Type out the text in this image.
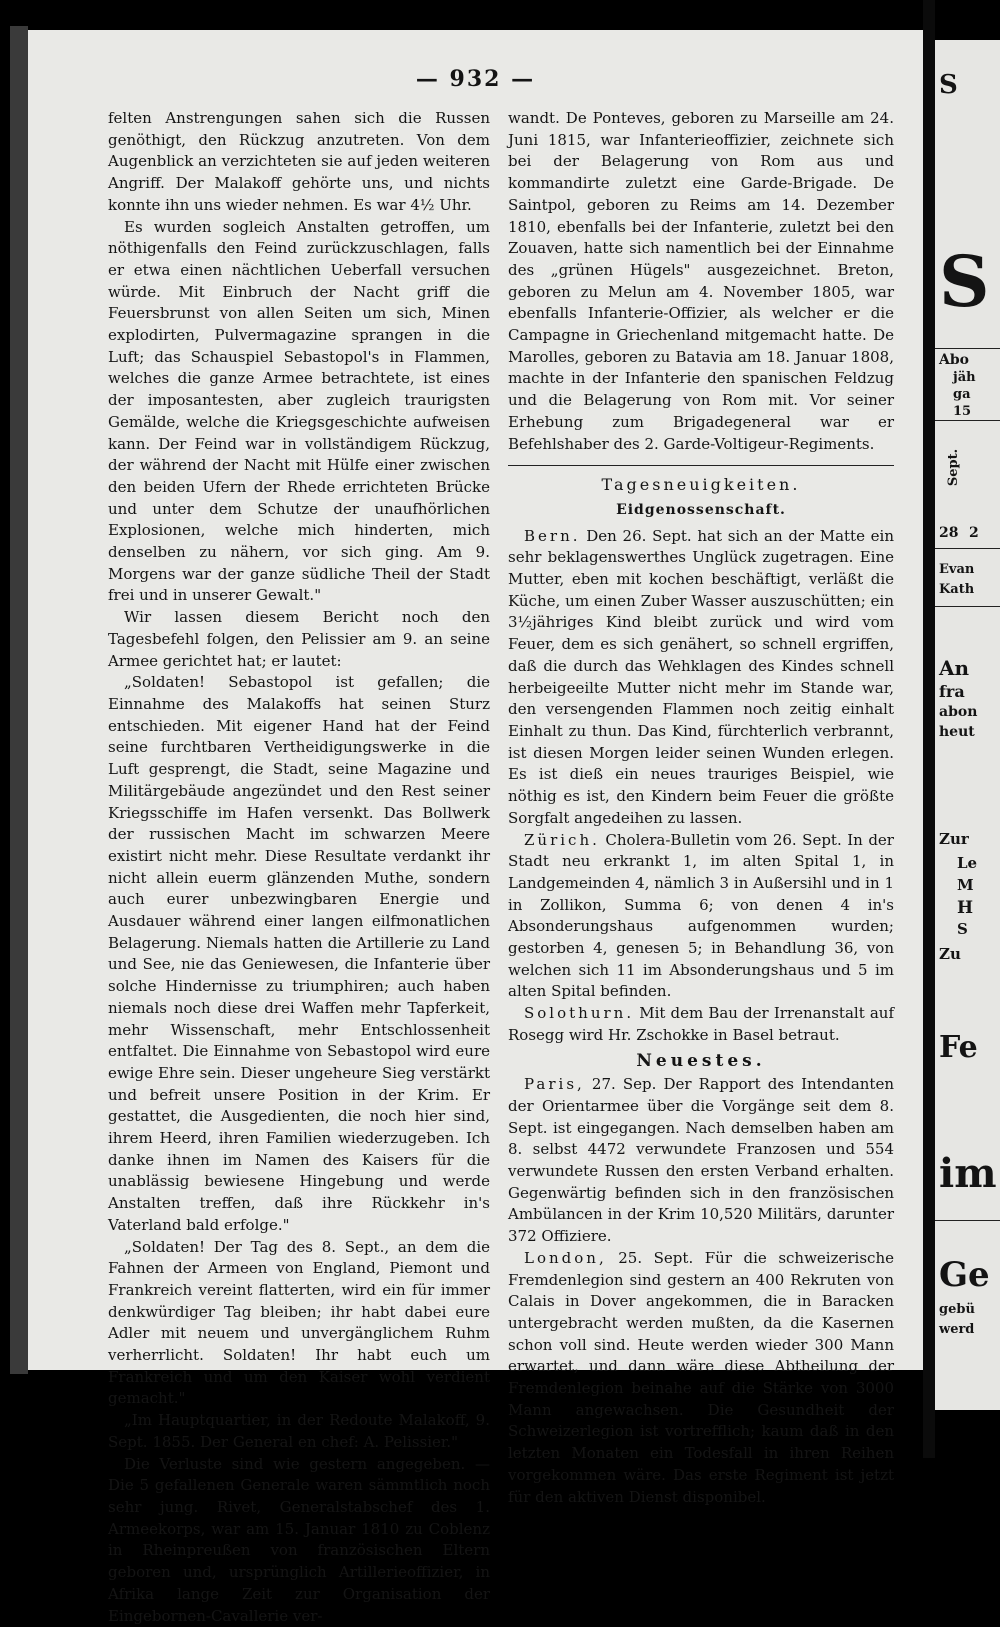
— 932 —

felten Anstrengungen sahen sich die Russen genöthigt, den Rückzug anzutreten. Von dem Augenblick an verzichteten sie auf jeden weiteren Angriff. Der Malakoff gehörte uns, und nichts konnte ihn uns wieder nehmen. Es war 4½ Uhr.

Es wurden sogleich Anstalten getroffen, um nöthigenfalls den Feind zurückzuschlagen, falls er etwa einen nächtlichen Ueberfall versuchen würde. Mit Einbruch der Nacht griff die Feuersbrunst von allen Seiten um sich, Minen explodirten, Pulvermagazine sprangen in die Luft; das Schauspiel Sebastopol's in Flammen, welches die ganze Armee betrachtete, ist eines der imposantesten, aber zugleich traurigsten Gemälde, welche die Kriegsgeschichte aufweisen kann. Der Feind war in vollständigem Rückzug, der während der Nacht mit Hülfe einer zwischen den beiden Ufern der Rhede errichteten Brücke und unter dem Schutze der unaufhörlichen Explosionen, welche mich hinderten, mich denselben zu nähern, vor sich ging. Am 9. Morgens war der ganze südliche Theil der Stadt frei und in unserer Gewalt."

Wir lassen diesem Bericht noch den Tagesbefehl folgen, den Pelissier am 9. an seine Armee gerichtet hat; er lautet:

„Soldaten! Sebastopol ist gefallen; die Einnahme des Malakoffs hat seinen Sturz entschieden. Mit eigener Hand hat der Feind seine furchtbaren Vertheidigungswerke in die Luft gesprengt, die Stadt, seine Magazine und Militärgebäude angezündet und den Rest seiner Kriegsschiffe im Hafen versenkt. Das Bollwerk der russischen Macht im schwarzen Meere existirt nicht mehr. Diese Resultate verdankt ihr nicht allein euerm glänzenden Muthe, sondern auch eurer unbezwingbaren Energie und Ausdauer während einer langen eilfmonatlichen Belagerung. Niemals hatten die Artillerie zu Land und See, nie das Geniewesen, die Infanterie über solche Hindernisse zu triumphiren; auch haben niemals noch diese drei Waffen mehr Tapferkeit, mehr Wissenschaft, mehr Entschlossenheit entfaltet. Die Einnahme von Sebastopol wird eure ewige Ehre sein. Dieser ungeheure Sieg verstärkt und befreit unsere Position in der Krim. Er gestattet, die Ausgedienten, die noch hier sind, ihrem Heerd, ihren Familien wiederzugeben. Ich danke ihnen im Namen des Kaisers für die unablässig bewiesene Hingebung und werde Anstalten treffen, daß ihre Rückkehr in's Vaterland bald erfolge."

„Soldaten! Der Tag des 8. Sept., an dem die Fahnen der Armeen von England, Piemont und Frankreich vereint flatterten, wird ein für immer denkwürdiger Tag bleiben; ihr habt dabei eure Adler mit neuem und unvergänglichem Ruhm verherrlicht. Soldaten! Ihr habt euch um Frankreich und um den Kaiser wohl verdient gemacht."

„Im Hauptquartier, in der Redoute Malakoff, 9. Sept. 1855. Der General en chef: A. Pelissier."

Die Verluste sind wie gestern angegeben. — Die 5 gefallenen Generale waren sämmtlich noch sehr jung. Rivet, Generalstabschef des 1. Armeekorps, war am 15. Januar 1810 zu Coblenz in Rheinpreußen von französischen Eltern geboren und, ursprünglich Artillerieoffizier, in Afrika lange Zeit zur Organisation der Eingebornen-Cavallerie ver-

wandt. De Ponteves, geboren zu Marseille am 24. Juni 1815, war Infanterieoffizier, zeichnete sich bei der Belagerung von Rom aus und kommandirte zuletzt eine Garde-Brigade. De Saintpol, geboren zu Reims am 14. Dezember 1810, ebenfalls bei der Infanterie, zuletzt bei den Zouaven, hatte sich namentlich bei der Einnahme des „grünen Hügels" ausgezeichnet. Breton, geboren zu Melun am 4. November 1805, war ebenfalls Infanterie-Offizier, als welcher er die Campagne in Griechenland mitgemacht hatte. De Marolles, geboren zu Batavia am 18. Januar 1808, machte in der Infanterie den spanischen Feldzug und die Belagerung von Rom mit. Vor seiner Erhebung zum Brigadegeneral war er Befehlshaber des 2. Garde-Voltigeur-Regiments.

Tagesneuigkeiten.
Eidgenossenschaft.

Bern. Den 26. Sept. hat sich an der Matte ein sehr beklagenswerthes Unglück zugetragen. Eine Mutter, eben mit kochen beschäftigt, verläßt die Küche, um einen Zuber Wasser auszuschütten; ein 3½jähriges Kind bleibt zurück und wird vom Feuer, dem es sich genähert, so schnell ergriffen, daß die durch das Wehklagen des Kindes schnell herbeigeeilte Mutter nicht mehr im Stande war, den versengenden Flammen noch zeitig einhalt Einhalt zu thun. Das Kind, fürchterlich verbrannt, ist diesen Morgen leider seinen Wunden erlegen. Es ist dieß ein neues trauriges Beispiel, wie nöthig es ist, den Kindern beim Feuer die größte Sorgfalt angedeihen zu lassen.

Zürich. Cholera-Bulletin vom 26. Sept. In der Stadt neu erkrankt 1, im alten Spital 1, in Landgemeinden 4, nämlich 3 in Außersihl und in 1 in Zollikon, Summa 6; von denen 4 in's Absonderungshaus aufgenommen wurden; gestorben 4, genesen 5; in Behandlung 36, von welchen sich 11 im Absonderungshaus und 5 im alten Spital befinden.

Solothurn. Mit dem Bau der Irrenanstalt auf Rosegg wird Hr. Zschokke in Basel betraut.

Neuestes.

Paris, 27. Sep. Der Rapport des Intendanten der Orientarmee über die Vorgänge seit dem 8. Sept. ist eingegangen. Nach demselben haben am 8. selbst 4472 verwundete Franzosen und 554 verwundete Russen den ersten Verband erhalten. Gegenwärtig befinden sich in den französischen Ambülancen in der Krim 10,520 Militärs, darunter 372 Offiziere.

London, 25. Sept. Für die schweizerische Fremdenlegion sind gestern an 400 Rekruten von Calais in Dover angekommen, die in Baracken untergebracht werden mußten, da die Kasernen schon voll sind. Heute werden wieder 300 Mann erwartet, und dann wäre diese Abtheilung der Fremdenlegion beinahe auf die Stärke von 3000 Mann angewachsen. Die Gesundheit der Schweizerlegion ist vortrefflich; kaum daß in den letzten Monaten ein Todesfall in ihren Reihen vorgekommen wäre. Das erste Regiment ist jetzt für den aktiven Dienst disponibel.

S
S
Abo
jäh
ga
15
Sept.
28 2
Evan
Kath
An
fra
abon
heut
Zur
Le
M
H
S
Zu
Fe
im
Ge
gebü
werd
